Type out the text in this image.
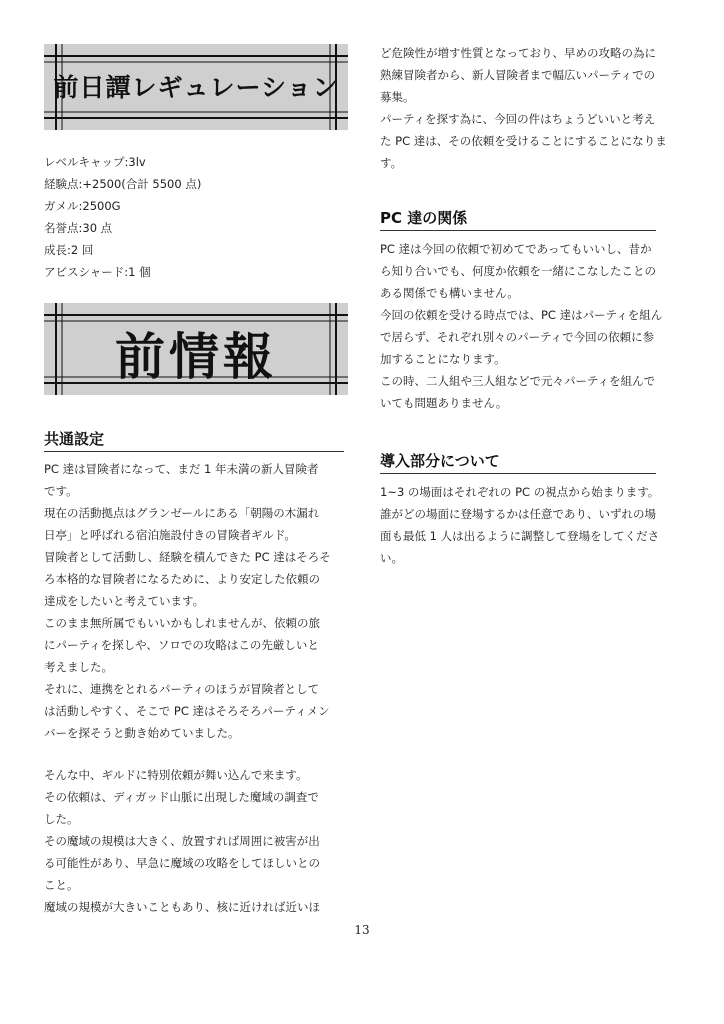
前日譚レギュレーション
レベルキャップ:3lv
経験点:+2500(合計 5500 点)
ガメル:2500G
名誉点:30 点
成長:2 回
アビスシャード:1 個
前情報
共通設定
PC 達は冒険者になって、まだ 1 年未満の新人冒険者
です。
現在の活動拠点はグランゼールにある「朝陽の木漏れ
日亭」と呼ばれる宿泊施設付きの冒険者ギルド。
冒険者として活動し、経験を積んできた PC 達はそろそ
ろ本格的な冒険者になるために、より安定した依頼の
達成をしたいと考えています。
このまま無所属でもいいかもしれませんが、依頼の旅
にパーティを探しや、ソロでの攻略はこの先厳しいと
考えました。
それに、連携をとれるパーティのほうが冒険者として
は活動しやすく、そこで PC 達はそろそろパーティメン
バーを探そうと動き始めていました。
そんな中、ギルドに特別依頼が舞い込んで来ます。
その依頼は、ディガッド山脈に出現した魔域の調査で
した。
その魔域の規模は大きく、放置すれば周囲に被害が出
る可能性があり、早急に魔域の攻略をしてほしいとの
こと。
魔域の規模が大きいこともあり、核に近ければ近いほ
ど危険性が増す性質となっており、早めの攻略の為に
熟練冒険者から、新人冒険者まで幅広いパーティでの
募集。
パーティを探す為に、今回の件はちょうどいいと考え
た PC 達は、その依頼を受けることにすることになりま
す。
PC 達の関係
PC 達は今回の依頼で初めてであってもいいし、昔か
ら知り合いでも、何度か依頼を一緒にこなしたことの
ある関係でも構いません。
今回の依頼を受ける時点では、PC 達はパーティを組ん
で居らず、それぞれ別々のパーティで今回の依頼に参
加することになります。
この時、二人組や三人組などで元々パーティを組んで
いても問題ありません。
導入部分について
1~3 の場面はそれぞれの PC の視点から始まります。
誰がどの場面に登場するかは任意であり、いずれの場
面も最低 1 人は出るように調整して登場をしてくださ
い。
13
